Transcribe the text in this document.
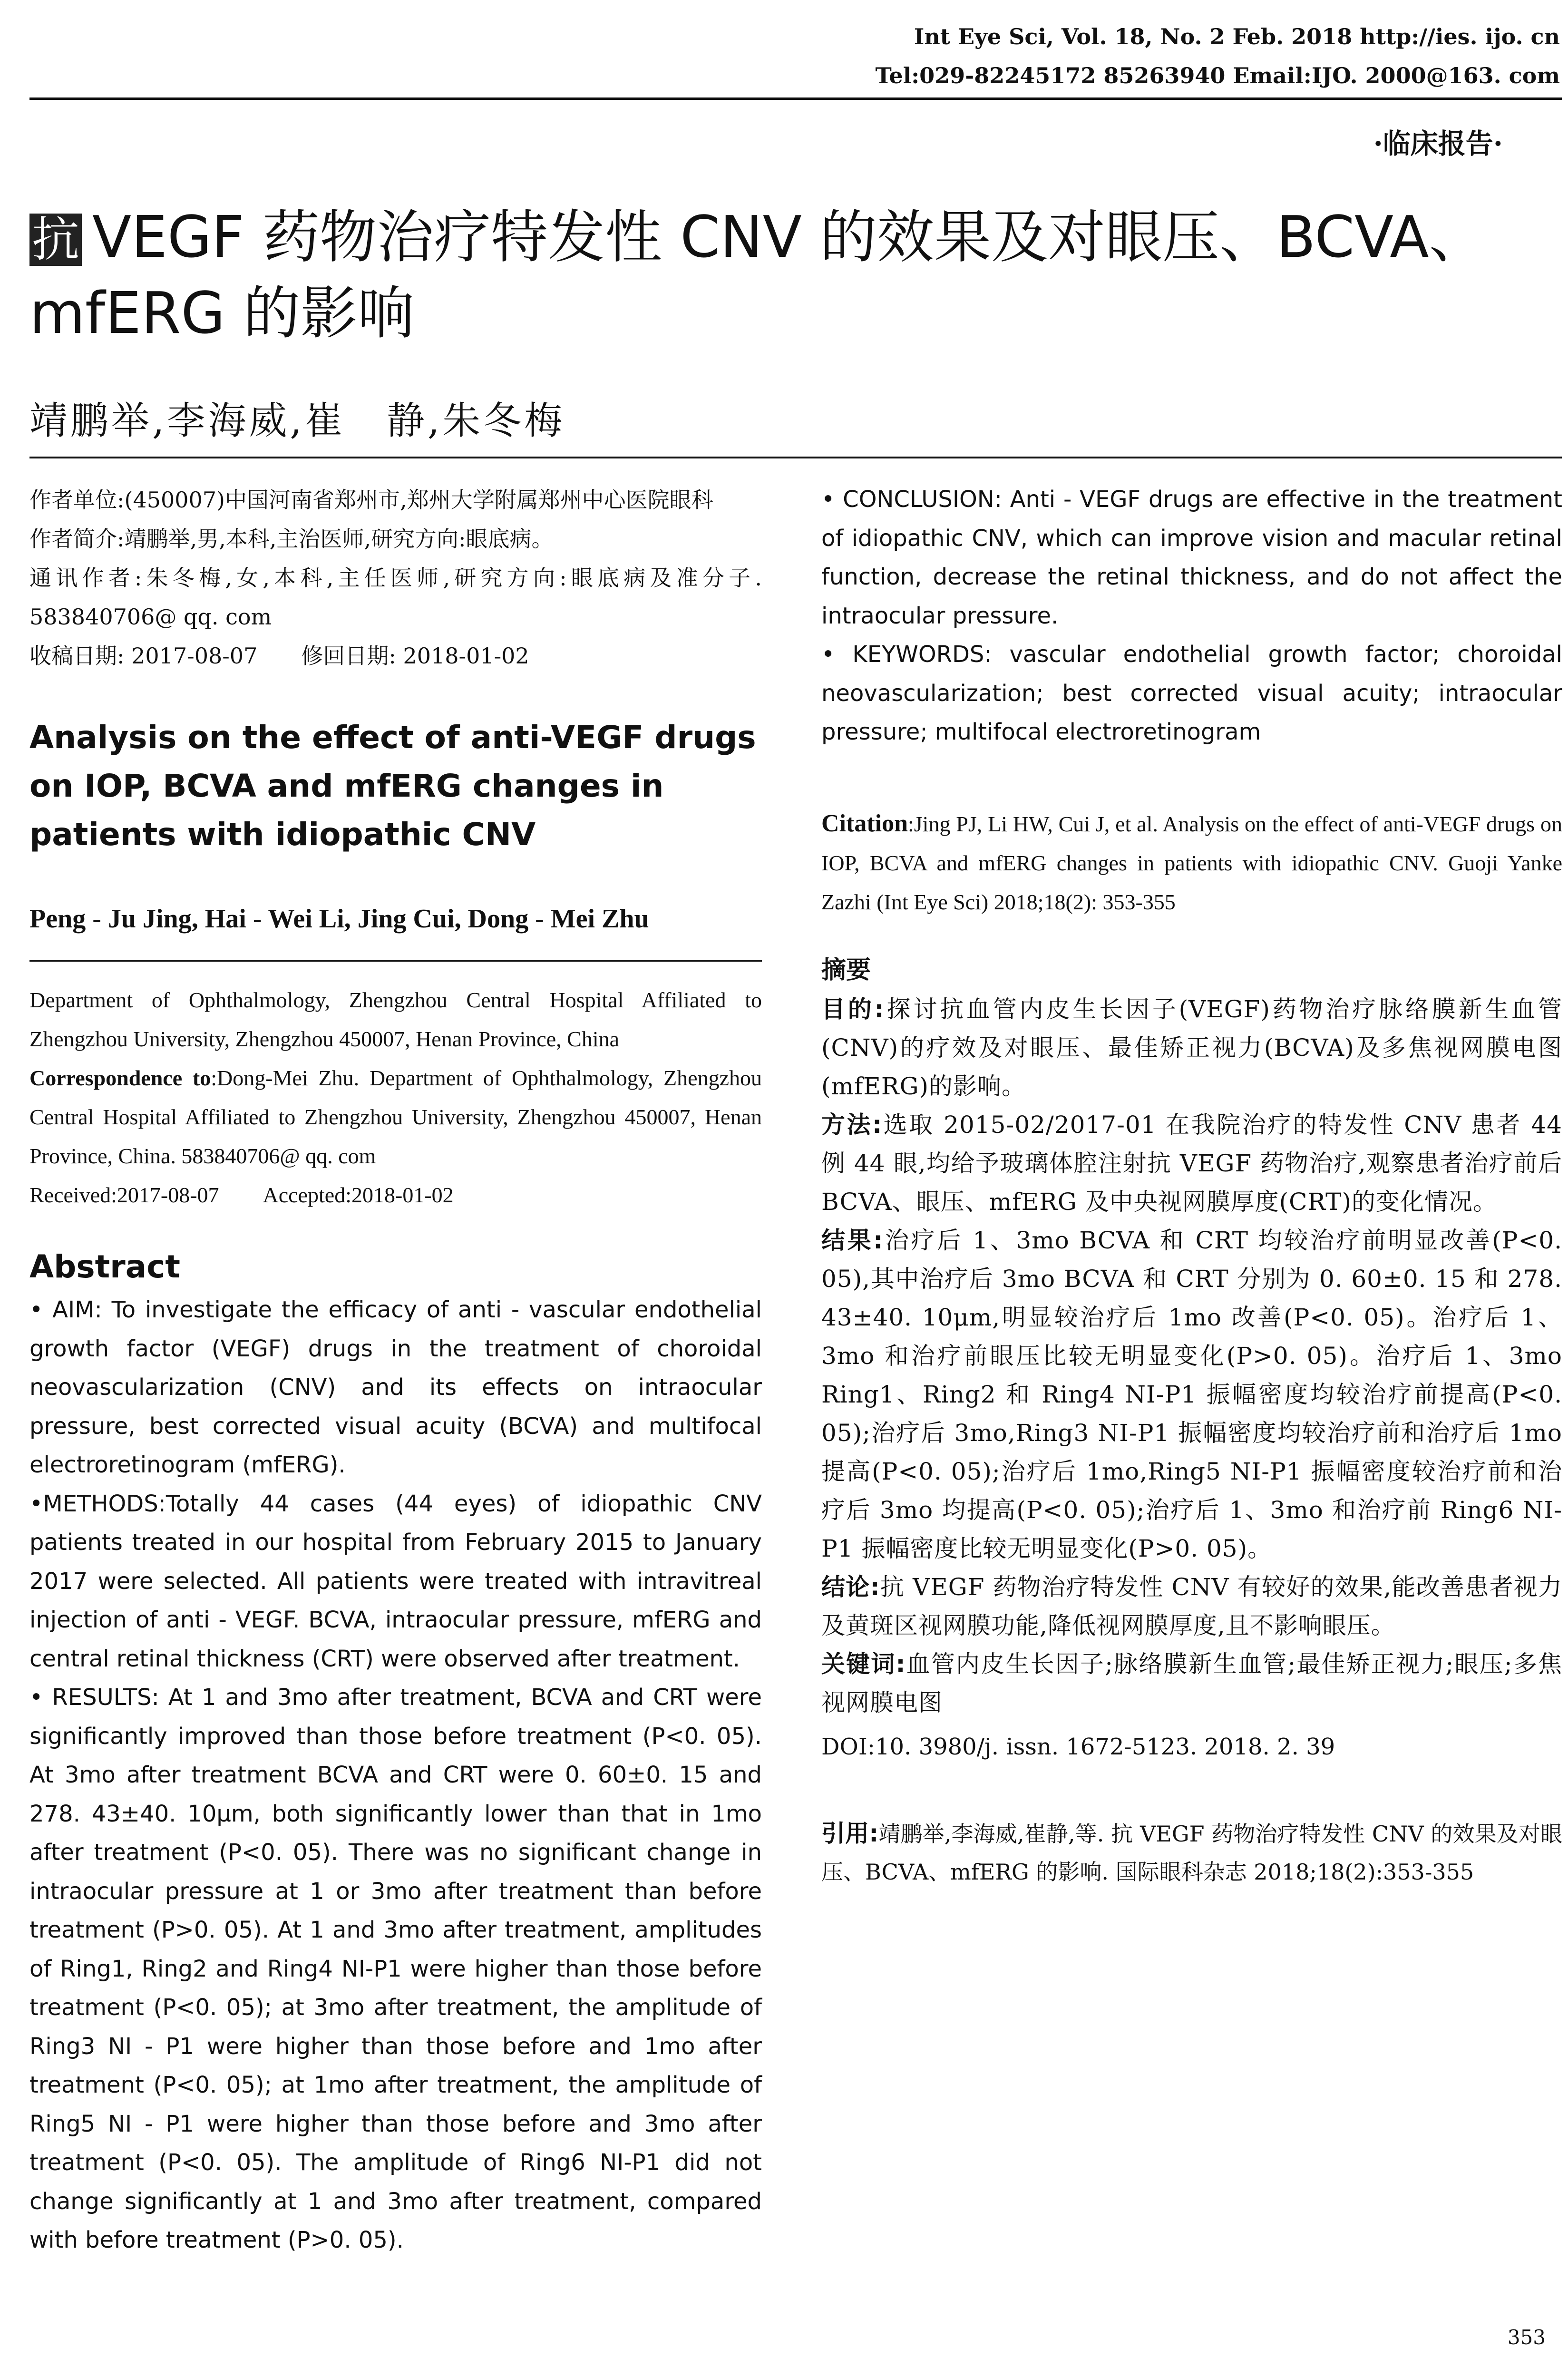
Int Eye Sci, Vol. 18, No. 2 Feb. 2018 http://ies. ijo. cn
Tel:029-82245172 85263940 Email:IJO. 2000@163. com
·临床报告·
抗 VEGF 药物治疗特发性 CNV 的效果及对眼压、BCVA、mfERG 的影响
靖鹏举,李海威,崔　静,朱冬梅

作者单位:(450007)中国河南省郑州市,郑州大学附属郑州中心医院眼科

作者简介:靖鹏举,男,本科,主治医师,研究方向:眼底病。

通讯作者:朱冬梅,女,本科,主任医师,研究方向:眼底病及准分子. 583840706@ qq. com

收稿日期: 2017-08-07　　修回日期: 2018-01-02

Analysis on the effect of anti-VEGF drugs on IOP, BCVA and mfERG changes in patients with idiopathic CNV

Peng - Ju Jing, Hai - Wei Li, Jing Cui, Dong - Mei Zhu

Department of Ophthalmology, Zhengzhou Central Hospital Affiliated to Zhengzhou University, Zhengzhou 450007, Henan Province, China

Correspondence to:Dong-Mei Zhu. Department of Ophthalmology, Zhengzhou Central Hospital Affiliated to Zhengzhou University, Zhengzhou 450007, Henan Province, China. 583840706@ qq. com

Received:2017-08-07　　Accepted:2018-01-02

Abstract

• AIM: To investigate the efficacy of anti - vascular endothelial growth factor (VEGF) drugs in the treatment of choroidal neovascularization (CNV) and its effects on intraocular pressure, best corrected visual acuity (BCVA) and multifocal electroretinogram (mfERG).

•METHODS:Totally 44 cases (44 eyes) of idiopathic CNV patients treated in our hospital from February 2015 to January 2017 were selected. All patients were treated with intravitreal injection of anti - VEGF. BCVA, intraocular pressure, mfERG and central retinal thickness (CRT) were observed after treatment.

• RESULTS: At 1 and 3mo after treatment, BCVA and CRT were significantly improved than those before treatment (P<0. 05). At 3mo after treatment BCVA and CRT were 0. 60±0. 15 and 278. 43±40. 10μm, both significantly lower than that in 1mo after treatment (P<0. 05). There was no significant change in intraocular pressure at 1 or 3mo after treatment than before treatment (P>0. 05). At 1 and 3mo after treatment, amplitudes of Ring1, Ring2 and Ring4 NI-P1 were higher than those before treatment (P<0. 05); at 3mo after treatment, the amplitude of Ring3 NI - P1 were higher than those before and 1mo after treatment (P<0. 05); at 1mo after treatment, the amplitude of Ring5 NI - P1 were higher than those before and 3mo after treatment (P<0. 05). The amplitude of Ring6 NI-P1 did not change significantly at 1 and 3mo after treatment, compared with before treatment (P>0. 05).

• CONCLUSION: Anti - VEGF drugs are effective in the treatment of idiopathic CNV, which can improve vision and macular retinal function, decrease the retinal thickness, and do not affect the intraocular pressure.

• KEYWORDS: vascular endothelial growth factor; choroidal neovascularization; best corrected visual acuity; intraocular pressure; multifocal electroretinogram

Citation:Jing PJ, Li HW, Cui J, et al. Analysis on the effect of anti-VEGF drugs on IOP, BCVA and mfERG changes in patients with idiopathic CNV. Guoji Yanke Zazhi (Int Eye Sci) 2018;18(2): 353-355

摘要

目的:探讨抗血管内皮生长因子(VEGF)药物治疗脉络膜新生血管(CNV)的疗效及对眼压、最佳矫正视力(BCVA)及多焦视网膜电图(mfERG)的影响。

方法:选取 2015-02/2017-01 在我院治疗的特发性 CNV 患者 44 例 44 眼,均给予玻璃体腔注射抗 VEGF 药物治疗,观察患者治疗前后 BCVA、眼压、mfERG 及中央视网膜厚度(CRT)的变化情况。

结果:治疗后 1、3mo BCVA 和 CRT 均较治疗前明显改善(P<0. 05),其中治疗后 3mo BCVA 和 CRT 分别为 0. 60±0. 15 和 278. 43±40. 10μm,明显较治疗后 1mo 改善(P<0. 05)。治疗后 1、3mo 和治疗前眼压比较无明显变化(P>0. 05)。治疗后 1、3mo Ring1、Ring2 和 Ring4 NI-P1 振幅密度均较治疗前提高(P<0. 05);治疗后 3mo,Ring3 NI-P1 振幅密度均较治疗前和治疗后 1mo 提高(P<0. 05);治疗后 1mo,Ring5 NI-P1 振幅密度较治疗前和治疗后 3mo 均提高(P<0. 05);治疗后 1、3mo 和治疗前 Ring6 NI-P1 振幅密度比较无明显变化(P>0. 05)。

结论:抗 VEGF 药物治疗特发性 CNV 有较好的效果,能改善患者视力及黄斑区视网膜功能,降低视网膜厚度,且不影响眼压。

关键词:血管内皮生长因子;脉络膜新生血管;最佳矫正视力;眼压;多焦视网膜电图

DOI:10. 3980/j. issn. 1672-5123. 2018. 2. 39

引用:靖鹏举,李海威,崔静,等. 抗 VEGF 药物治疗特发性 CNV 的效果及对眼压、BCVA、mfERG 的影响. 国际眼科杂志 2018;18(2):353-355

353
